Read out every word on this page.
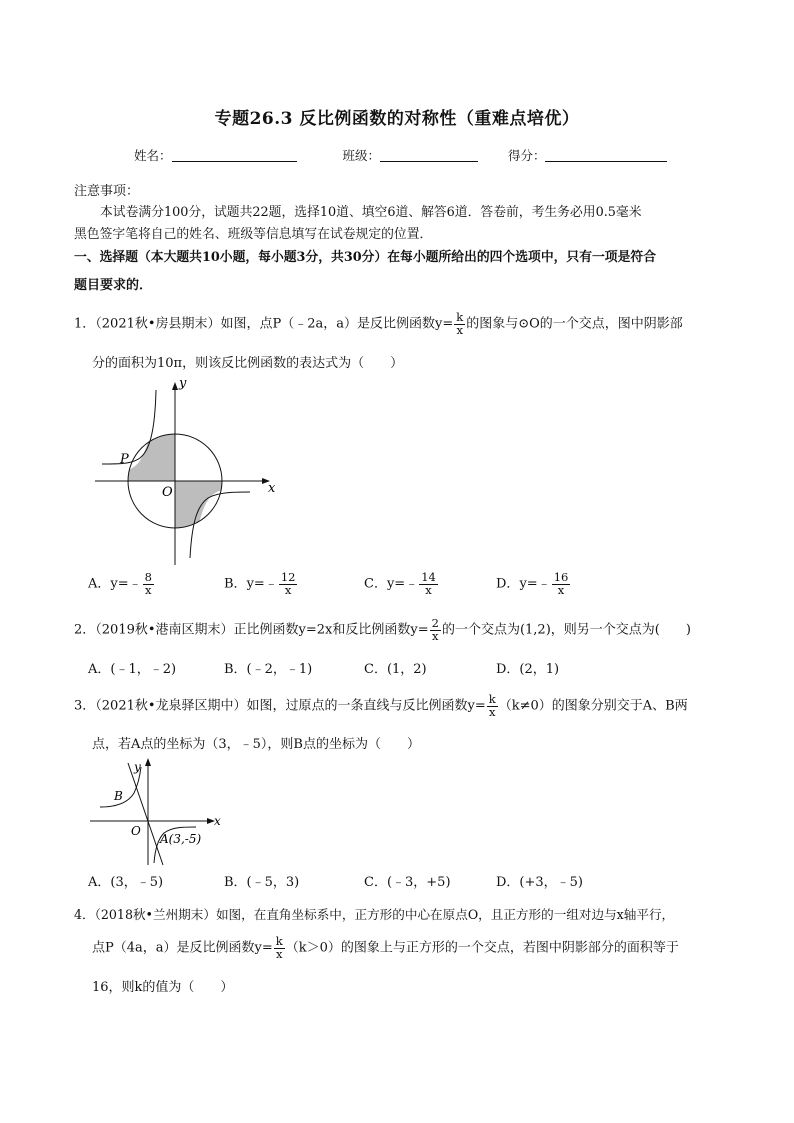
专题26.3 反比例函数的对称性（重难点培优）
姓名：	班级：	得分：
注意事项：
本试卷满分100分，试题共22题，选择10道、填空6道、解答6道．答卷前，考生务必用0.5毫米
黑色签字笔将自己的姓名、班级等信息填写在试卷规定的位置．
一、选择题（本大题共10小题，每小题3分，共30分）在每小题所给出的四个选项中，只有一项是符合
题目要求的．
1．（2021秋•房县期末）如图，点P（﹣2a，a）是反比例函数$y= \frac{k}{x}$ 的图象与⊙O的一个交点，图中阴影部
分的面积为10π，则该反比例函数的表达式为（　　）
y
x
O
P
A．y=﹣ $\frac{8}{x}$	B．y=﹣ $\frac{12}{x}$	C．y=﹣ $\frac{14}{x}$	D．y=﹣ $\frac{16}{x}$
2．（2019秋•港南区期末）正比例函数y=2x和反比例函数$y= \frac{2}{x}$ 的一个交点为(1,2)，则另一个交点为(　　)
A．(﹣1，﹣2)	B．(﹣2，﹣1)	C．(1，2)	D．(2，1)
3．（2021秋•龙泉驿区期中）如图，过原点的一条直线与反比例函数$y= \frac{k}{x} (k\ne 0)$的图象分别交于A、B两
点，若A点的坐标为（3，﹣5），则B点的坐标为（　　）
y
x
O
B
A(3,-5)
A．(3，﹣5)	B．(﹣5，3)	C．(﹣3，+5)	D．(+3，﹣5)
4．（2018秋•兰州期末）如图，在直角坐标系中，正方形的中心在原点O，且正方形的一组对边与x轴平行，
点P（4a，a）是反比例函数$y= \frac{k}{x} (k>0)$的图象上与正方形的一个交点，若图中阴影部分的面积等于
16，则k的值为（　　）
